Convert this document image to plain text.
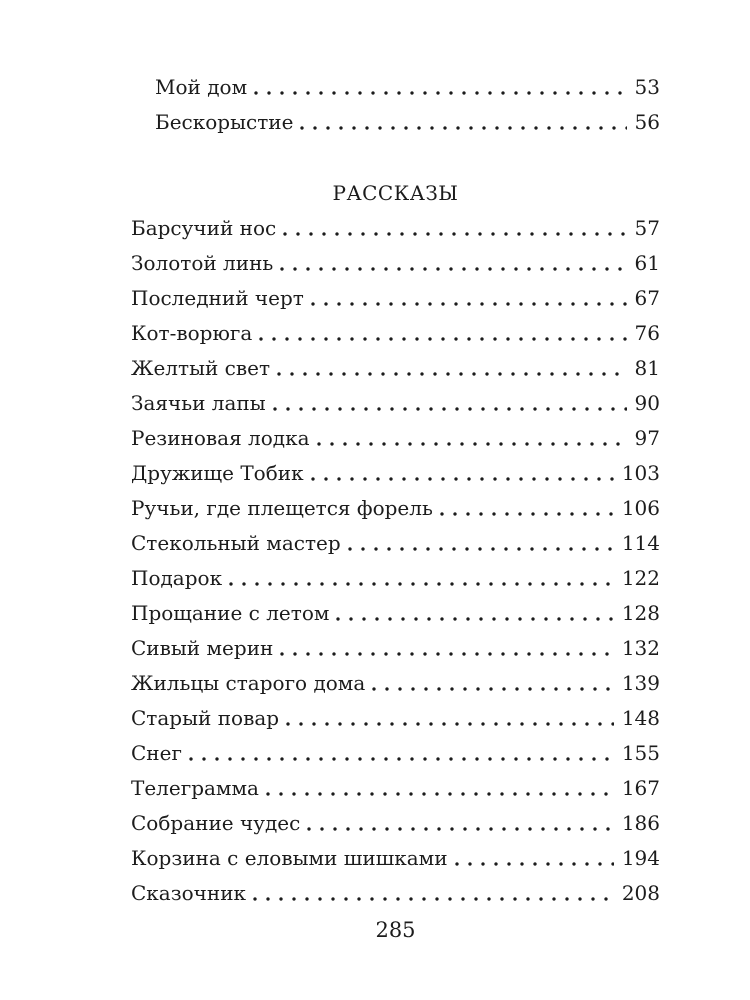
Мой дом	53
Бескорыстие	56
РАССКАЗЫ
Барсучий нос	57
Золотой линь	61
Последний черт	67
Кот-ворюга	76
Желтый свет	81
Заячьи лапы	90
Резиновая лодка	97
Дружище Тобик	103
Ручьи, где плещется форель	106
Стекольный мастер	114
Подарок	122
Прощание с летом	128
Сивый мерин	132
Жильцы старого дома	139
Старый повар	148
Снег	155
Телеграмма	167
Собрание чудес	186
Корзина с еловыми шишками	194
Сказочник	208
285
